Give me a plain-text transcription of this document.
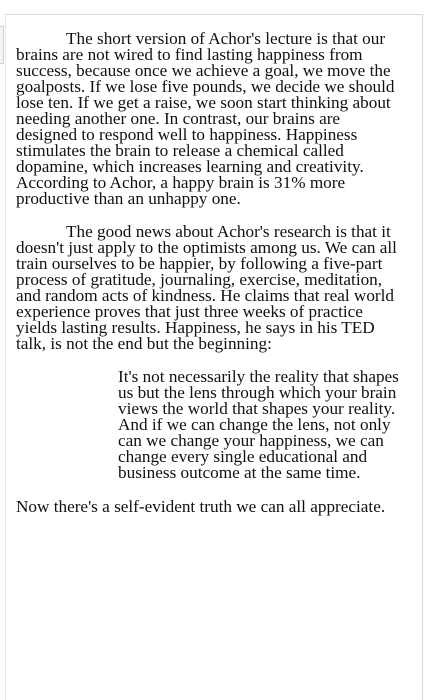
The short version of Achor's lecture is that our brains are not wired to find lasting happiness from success, because once we achieve a goal, we move the goalposts. If we lose five pounds, we decide we should lose ten. If we get a raise, we soon start thinking about needing another one. In contrast, our brains are designed to respond well to happiness. Happiness stimulates the brain to release a chemical called dopamine, which increases learning and creativity. According to Achor, a happy brain is 31% more productive than an unhappy one.

The good news about Achor's research is that it doesn't just apply to the optimists among us. We can all train ourselves to be happier, by following a five-part process of gratitude, journaling, exercise, meditation, and random acts of kindness. He claims that real world experience proves that just three weeks of practice yields lasting results. Happiness, he says in his TED talk, is not the end but the beginning:

It's not necessarily the reality that shapes us but the lens through which your brain views the world that shapes your reality. And if we can change the lens, not only can we change your happiness, we can change every single educational and business outcome at the same time.

Now there's a self-evident truth we can all appreciate.
